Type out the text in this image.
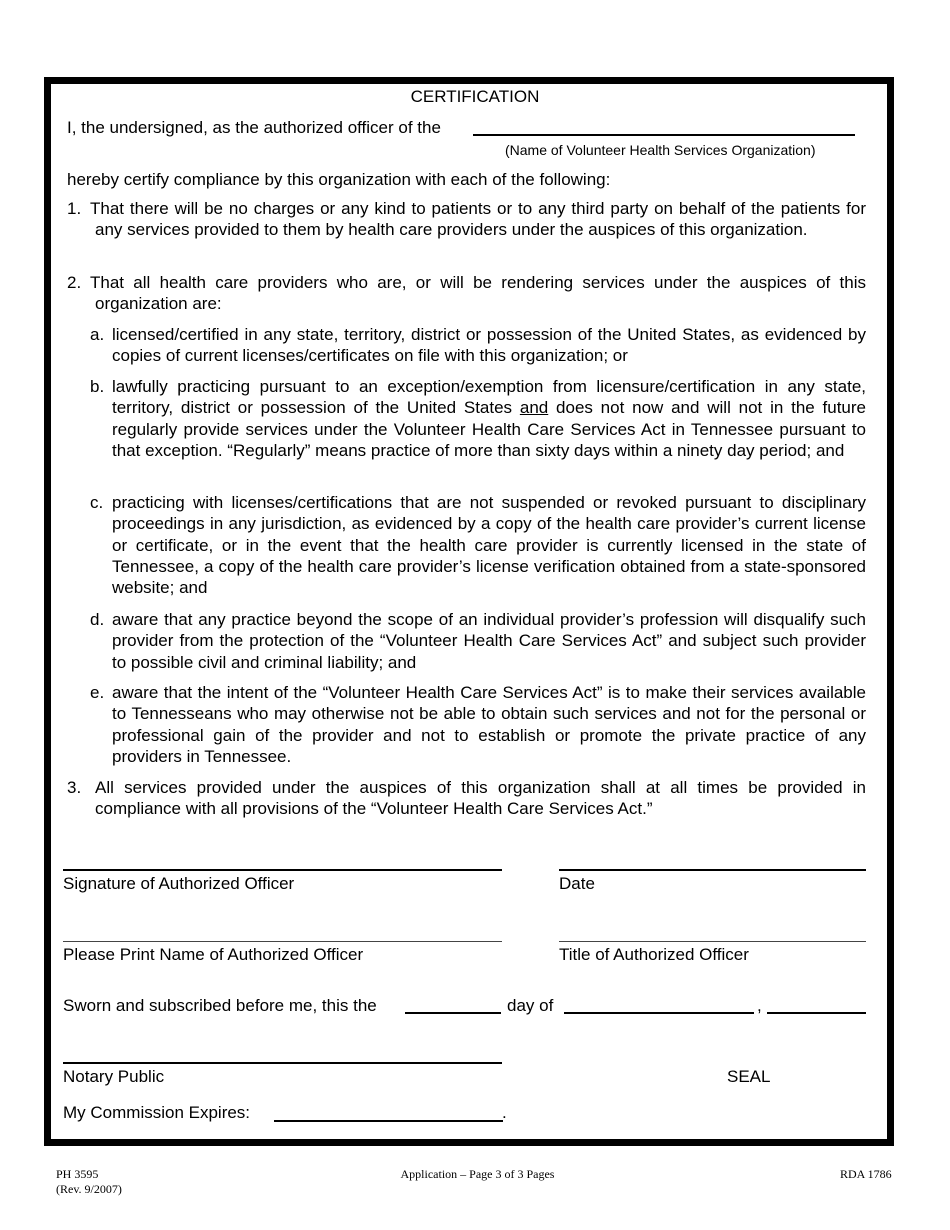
CERTIFICATION
I, the undersigned, as the authorized officer of the
(Name of Volunteer Health Services Organization)
hereby certify compliance by this organization with each of the following:
1. That there will be no charges or any kind to patients or to any third party on behalf of the patients for any services provided to them by health care providers under the auspices of this organization.
2. That all health care providers who are, or will be rendering services under the auspices of this organization are:
a. licensed/certified in any state, territory, district or possession of the United States, as evidenced by copies of current licenses/certificates on file with this organization; or
b. lawfully practicing pursuant to an exception/exemption from licensure/certification in any state, territory, district or possession of the United States and does not now and will not in the future regularly provide services under the Volunteer Health Care Services Act in Tennessee pursuant to that exception. “Regularly” means practice of more than sixty days within a ninety day period; and
c. practicing with licenses/certifications that are not suspended or revoked pursuant to disciplinary proceedings in any jurisdiction, as evidenced by a copy of the health care provider’s current license or certificate, or in the event that the health care provider is currently licensed in the state of Tennessee, a copy of the health care provider’s license verification obtained from a state-sponsored website; and
d. aware that any practice beyond the scope of an individual provider’s profession will disqualify such provider from the protection of the “Volunteer Health Care Services Act” and subject such provider to possible civil and criminal liability; and
e. aware that the intent of the “Volunteer Health Care Services Act” is to make their services available to Tennesseans who may otherwise not be able to obtain such services and not for the personal or professional gain of the provider and not to establish or promote the private practice of any providers in Tennessee.
3. All services provided under the auspices of this organization shall at all times be provided in compliance with all provisions of the “Volunteer Health Care Services Act.”
Signature of Authorized Officer	Date
Please Print Name of Authorized Officer	Title of Authorized Officer
Sworn and subscribed before me, this the	day of	,
Notary Public	SEAL
My Commission Expires:	.
PH 3595
(Rev. 9/2007)
Application – Page 3 of 3 Pages	RDA 1786
